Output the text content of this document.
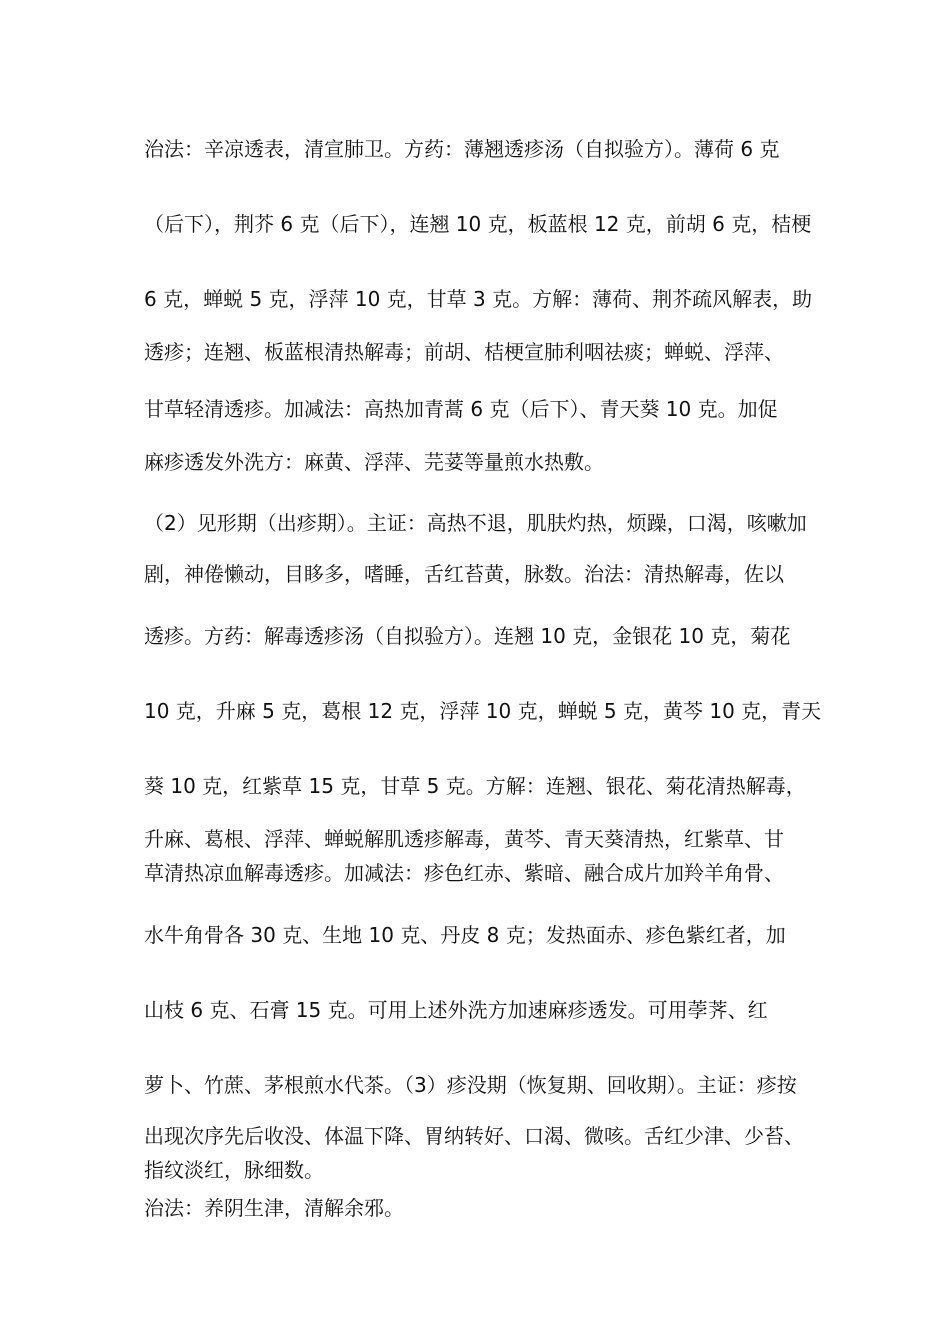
治法：辛凉透表，清宣肺卫。方药：薄翘透疹汤（自拟验方）。薄荷 6 克
（后下），荆芥 6 克（后下），连翘 10 克，板蓝根 12 克，前胡 6 克，桔梗
6 克，蝉蜕 5 克，浮萍 10 克，甘草 3 克。方解：薄荷、荆芥疏风解表，助
透疹；连翘、板蓝根清热解毒；前胡、桔梗宣肺利咽祛痰；蝉蜕、浮萍、
甘草轻清透疹。加减法：高热加青蒿 6 克（后下）、青天葵 10 克。加促
麻疹透发外洗方：麻黄、浮萍、芫荽等量煎水热敷。
（2）见形期（出疹期）。主证：高热不退，肌肤灼热，烦躁，口渴，咳嗽加
剧，神倦懒动，目眵多，嗜睡，舌红苔黄，脉数。治法：清热解毒，佐以
透疹。方药：解毒透疹汤（自拟验方）。连翘 10 克，金银花 10 克，菊花
10 克，升麻 5 克，葛根 12 克，浮萍 10 克，蝉蜕 5 克，黄芩 10 克，青天
葵 10 克，红紫草 15 克，甘草 5 克。方解：连翘、银花、菊花清热解毒，
升麻、葛根、浮萍、蝉蜕解肌透疹解毒，黄芩、青天葵清热，红紫草、甘
草清热凉血解毒透疹。加减法：疹色红赤、紫暗、融合成片加羚羊角骨、
水牛角骨各 30 克、生地 10 克、丹皮 8 克；发热面赤、疹色紫红者，加
山枝 6 克、石膏 15 克。可用上述外洗方加速麻疹透发。可用荸荠、红
萝卜、竹蔗、茅根煎水代茶。（3）疹没期（恢复期、回收期）。主证：疹按
出现次序先后收没、体温下降、胃纳转好、口渴、微咳。舌红少津、少苔、
指纹淡红，脉细数。
治法：养阴生津，清解余邪。
